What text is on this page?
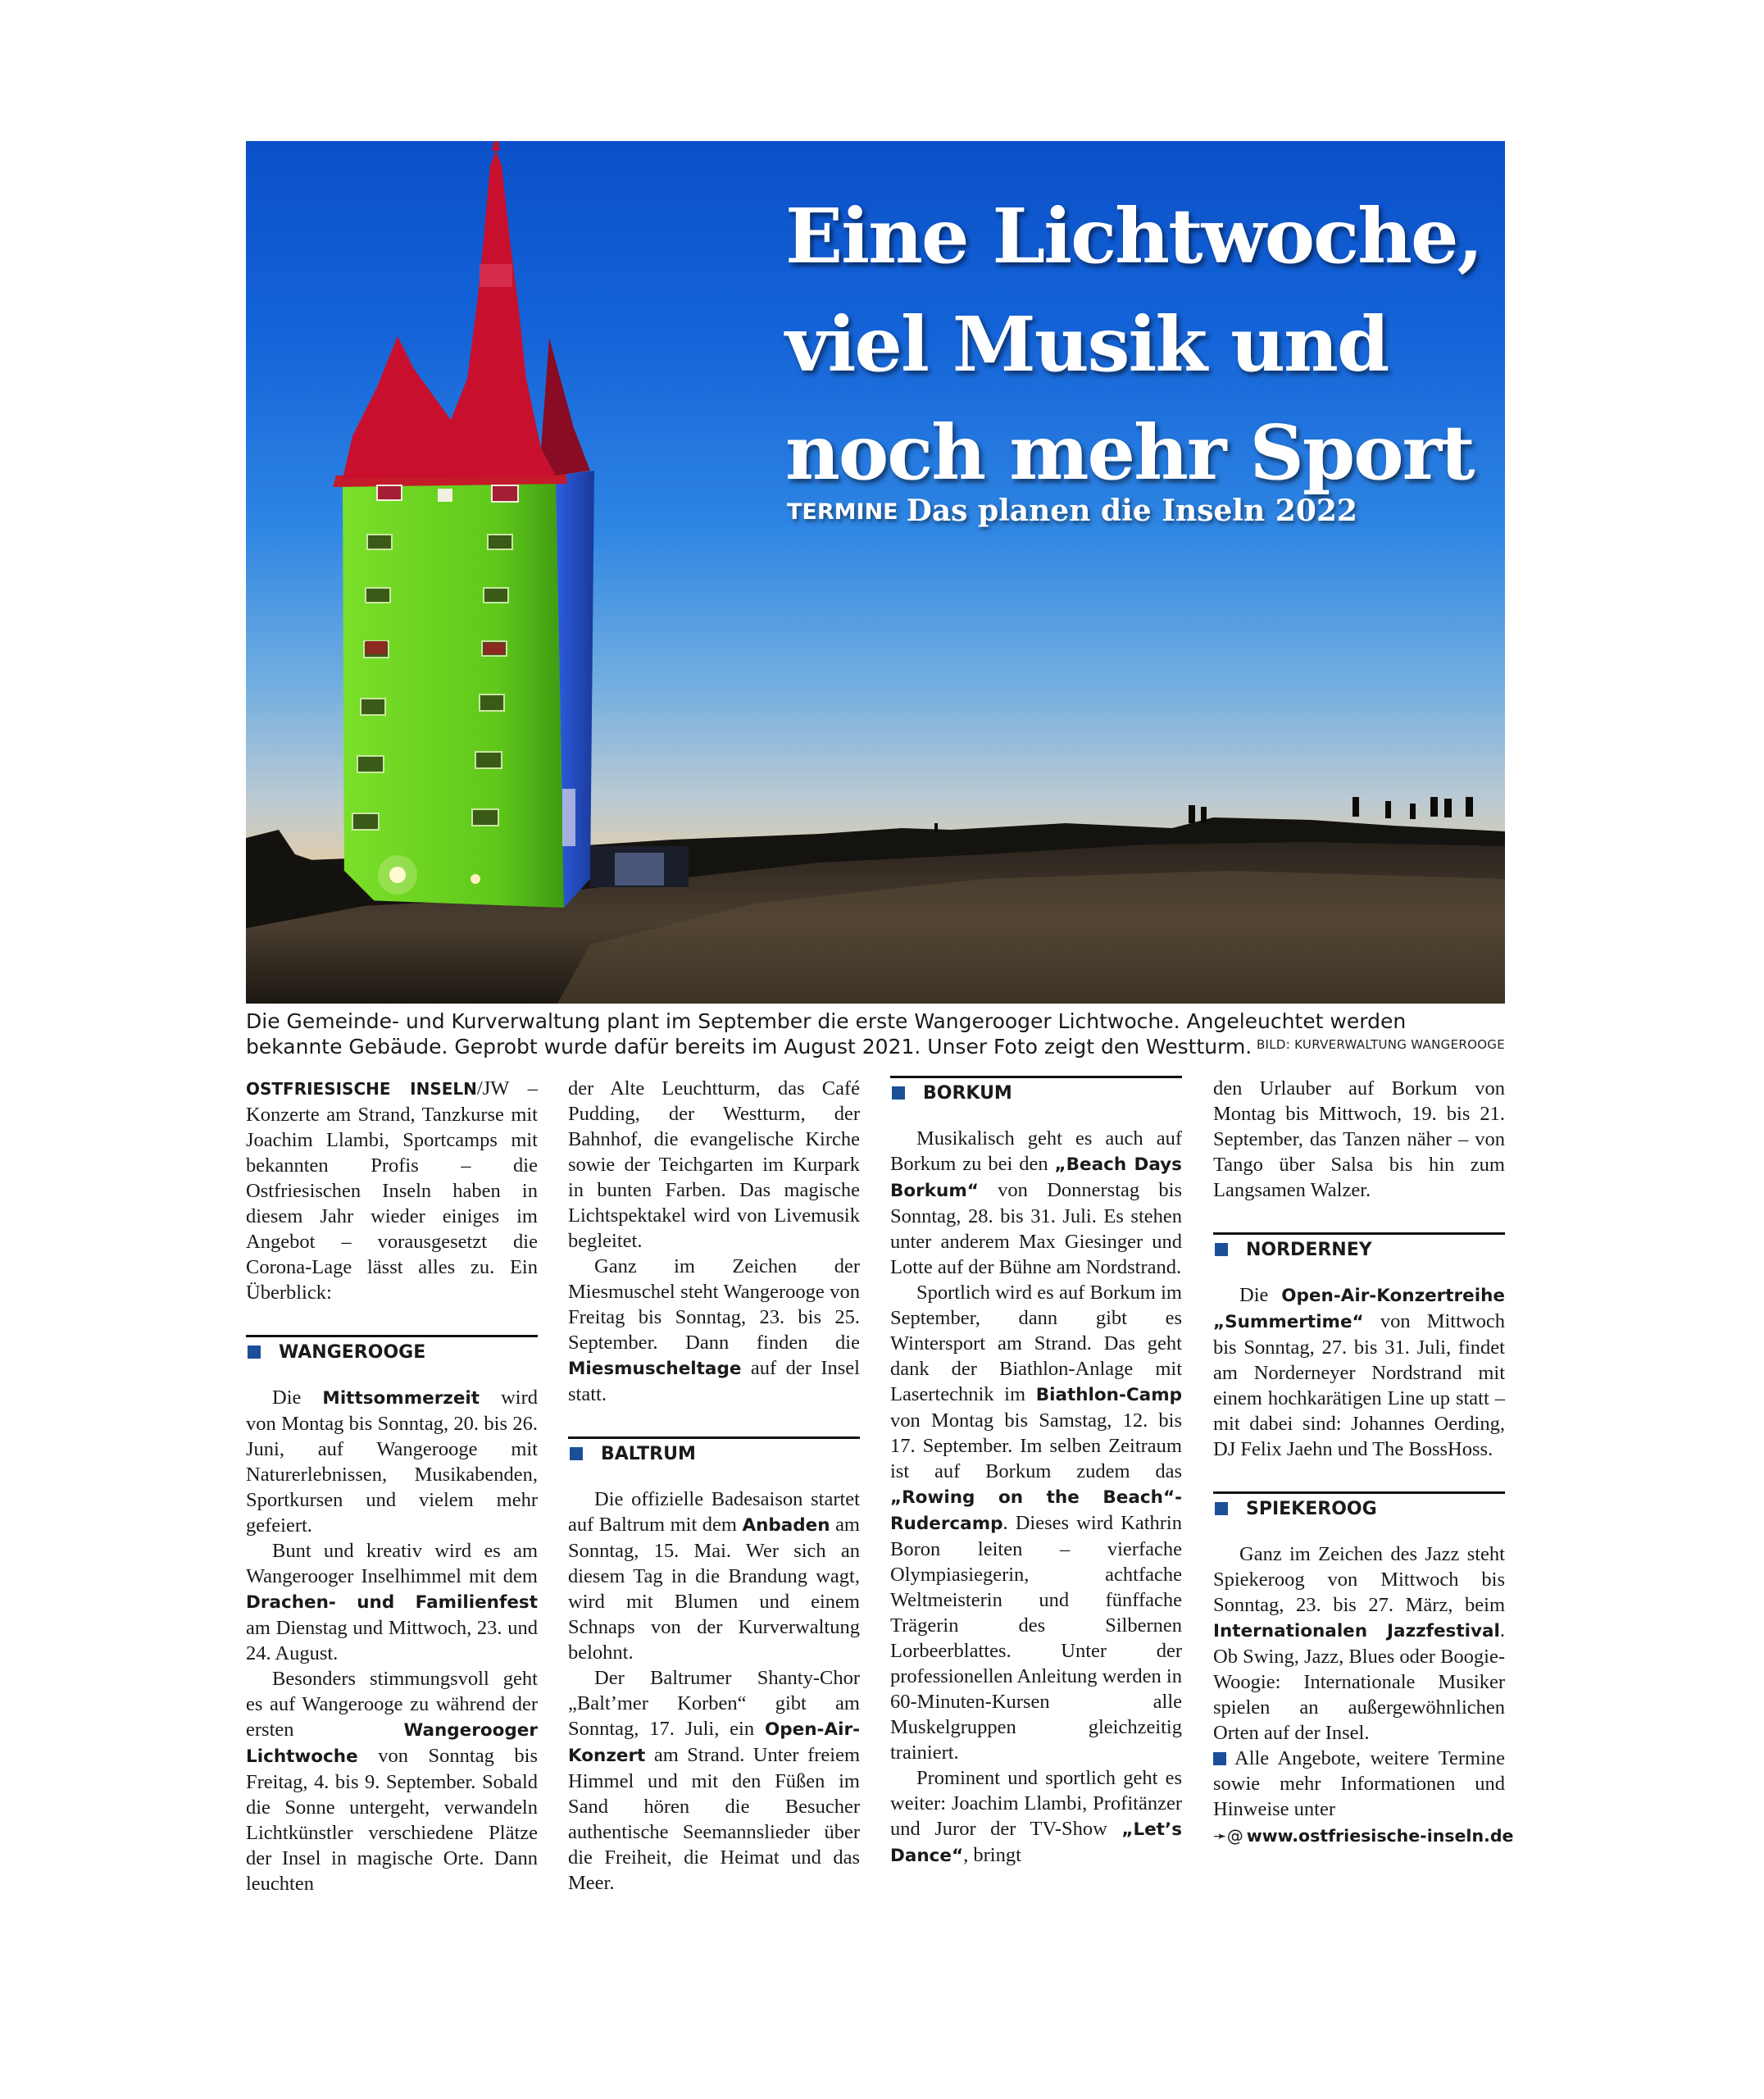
Eine Lichtwoche,
viel Musik und
noch mehr Sport
TERMINE Das planen die Inseln 2022
Die Gemeinde- und Kurverwaltung plant im September die erste Wangerooger Lichtwoche. Angeleuchtet werden bekannte Gebäude. Geprobt wurde dafür bereits im August 2021. Unser Foto zeigt den Westturm. BILD: KURVERWALTUNG WANGEROOGE

OSTFRIESISCHE INSELN/JW – Konzerte am Strand, Tanzkurse mit Joachim Llambi, Sportcamps mit bekannten Profis – die Ostfriesischen Inseln haben in diesem Jahr wieder einiges im Angebot – vorausgesetzt die Corona-Lage lässt alles zu. Ein Überblick:

WANGEROOGE

Die Mittsommerzeit wird von Montag bis Sonntag, 20. bis 26. Juni, auf Wangerooge mit Naturerlebnissen, Musikabenden, Sportkursen und vielem mehr gefeiert.

Bunt und kreativ wird es am Wangerooger Inselhimmel mit dem Drachen- und Familienfest am Dienstag und Mittwoch, 23. und 24. August.

Besonders stimmungsvoll geht es auf Wangerooge zu während der ersten Wangerooger Lichtwoche von Sonntag bis Freitag, 4. bis 9. September. Sobald die Sonne untergeht, verwandeln Lichtkünstler verschiedene Plätze der Insel in magische Orte. Dann leuchten

der Alte Leuchtturm, das Café Pudding, der Westturm, der Bahnhof, die evangelische Kirche sowie der Teichgarten im Kurpark in bunten Farben. Das magische Lichtspektakel wird von Livemusik begleitet.

Ganz im Zeichen der Miesmuschel steht Wangerooge von Freitag bis Sonntag, 23. bis 25. September. Dann finden die Miesmuscheltage auf der Insel statt.

BALTRUM

Die offizielle Badesaison startet auf Baltrum mit dem Anbaden am Sonntag, 15. Mai. Wer sich an diesem Tag in die Brandung wagt, wird mit Blumen und einem Schnaps von der Kurverwaltung belohnt.

Der Baltrumer Shanty-Chor „Balt’mer Korben“ gibt am Sonntag, 17. Juli, ein Open-Air-Konzert am Strand. Unter freiem Himmel und mit den Füßen im Sand hören die Besucher authentische Seemannslieder über die Freiheit, die Heimat und das Meer.

BORKUM

Musikalisch geht es auch auf Borkum zu bei den „Beach Days Borkum“ von Donnerstag bis Sonntag, 28. bis 31. Juli. Es stehen unter anderem Max Giesinger und Lotte auf der Bühne am Nordstrand.

Sportlich wird es auf Borkum im September, dann gibt es Wintersport am Strand. Das geht dank der Biathlon-Anlage mit Lasertechnik im Biathlon-Camp von Montag bis Samstag, 12. bis 17. September. Im selben Zeitraum ist auf Borkum zudem das „Rowing on the Beach“-Rudercamp. Dieses wird Kathrin Boron leiten – vierfache Olympiasiegerin, achtfache Weltmeisterin und fünffache Trägerin des Silbernen Lorbeerblattes. Unter der professionellen Anleitung werden in 60-Minuten-Kursen alle Muskelgruppen gleichzeitig trainiert.

Prominent und sportlich geht es weiter: Joachim Llambi, Profitänzer und Juror der TV-Show „Let’s Dance“, bringt

den Urlauber auf Borkum von Montag bis Mittwoch, 19. bis 21. September, das Tanzen näher – von Tango über Salsa bis hin zum Langsamen Walzer.

NORDERNEY

Die Open-Air-Konzertreihe „Summertime“ von Mittwoch bis Sonntag, 27. bis 31. Juli, findet am Norderneyer Nordstrand mit einem hochkarätigen Line up statt – mit dabei sind: Johannes Oerding, DJ Felix Jaehn und The BossHoss.

SPIEKEROOG

Ganz im Zeichen des Jazz steht Spiekeroog von Mittwoch bis Sonntag, 23. bis 27. März, beim Internationalen Jazzfestival. Ob Swing, Jazz, Blues oder Boogie-Woogie: Internationale Musiker spielen an außergewöhnlichen Orten auf der Insel.

Alle Angebote, weitere Termine sowie mehr Informationen und Hinweise unter

➛@ www.ostfriesische-inseln.de
